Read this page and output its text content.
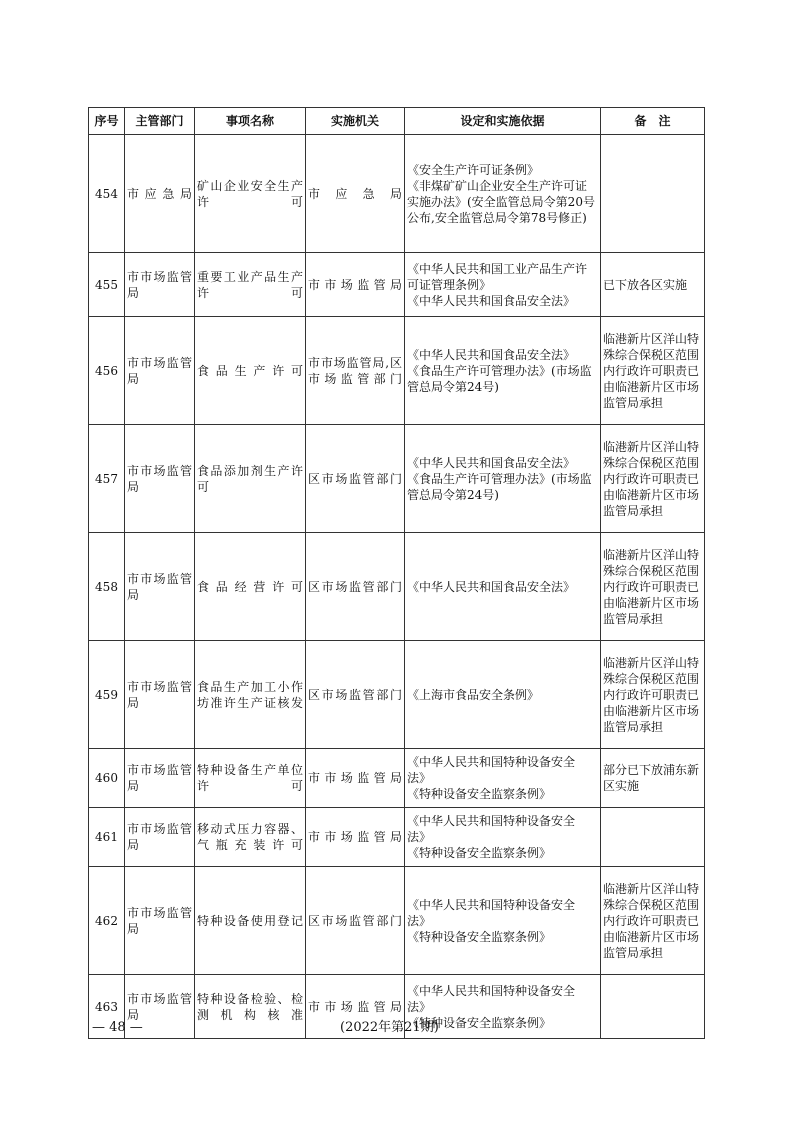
序号	主管部门	事项名称	实施机关	设定和实施依据	备　注
454	市应急局	矿山企业安全生产许可	市应急局	《安全生产许可证条例》
《非煤矿矿山企业安全生产许可证实施办法》(安全监管总局令第20号公布,安全监管总局令第78号修正)	
455	市市场监管局	重要工业产品生产许可	市市场监管局	《中华人民共和国工业产品生产许可证管理条例》
《中华人民共和国食品安全法》	已下放各区实施
456	市市场监管局	食品生产许可	市市场监管局,区市场监管部门	《中华人民共和国食品安全法》
《食品生产许可管理办法》(市场监管总局令第24号)	临港新片区洋山特殊综合保税区范围内行政许可职责已由临港新片区市场监管局承担
457	市市场监管局	食品添加剂生产许可	区市场监管部门	《中华人民共和国食品安全法》
《食品生产许可管理办法》(市场监管总局令第24号)	临港新片区洋山特殊综合保税区范围内行政许可职责已由临港新片区市场监管局承担
458	市市场监管局	食品经营许可	区市场监管部门	《中华人民共和国食品安全法》	临港新片区洋山特殊综合保税区范围内行政许可职责已由临港新片区市场监管局承担
459	市市场监管局	食品生产加工小作坊准许生产证核发	区市场监管部门	《上海市食品安全条例》	临港新片区洋山特殊综合保税区范围内行政许可职责已由临港新片区市场监管局承担
460	市市场监管局	特种设备生产单位许可	市市场监管局	《中华人民共和国特种设备安全法》
《特种设备安全监察条例》	部分已下放浦东新区实施
461	市市场监管局	移动式压力容器、气瓶充装许可	市市场监管局	《中华人民共和国特种设备安全法》
《特种设备安全监察条例》	
462	市市场监管局	特种设备使用登记	区市场监管部门	《中华人民共和国特种设备安全法》
《特种设备安全监察条例》	临港新片区洋山特殊综合保税区范围内行政许可职责已由临港新片区市场监管局承担
463	市市场监管局	特种设备检验、检测机构核准	市市场监管局	《中华人民共和国特种设备安全法》
《特种设备安全监察条例》	
— 48 —	(2022年第21期)
